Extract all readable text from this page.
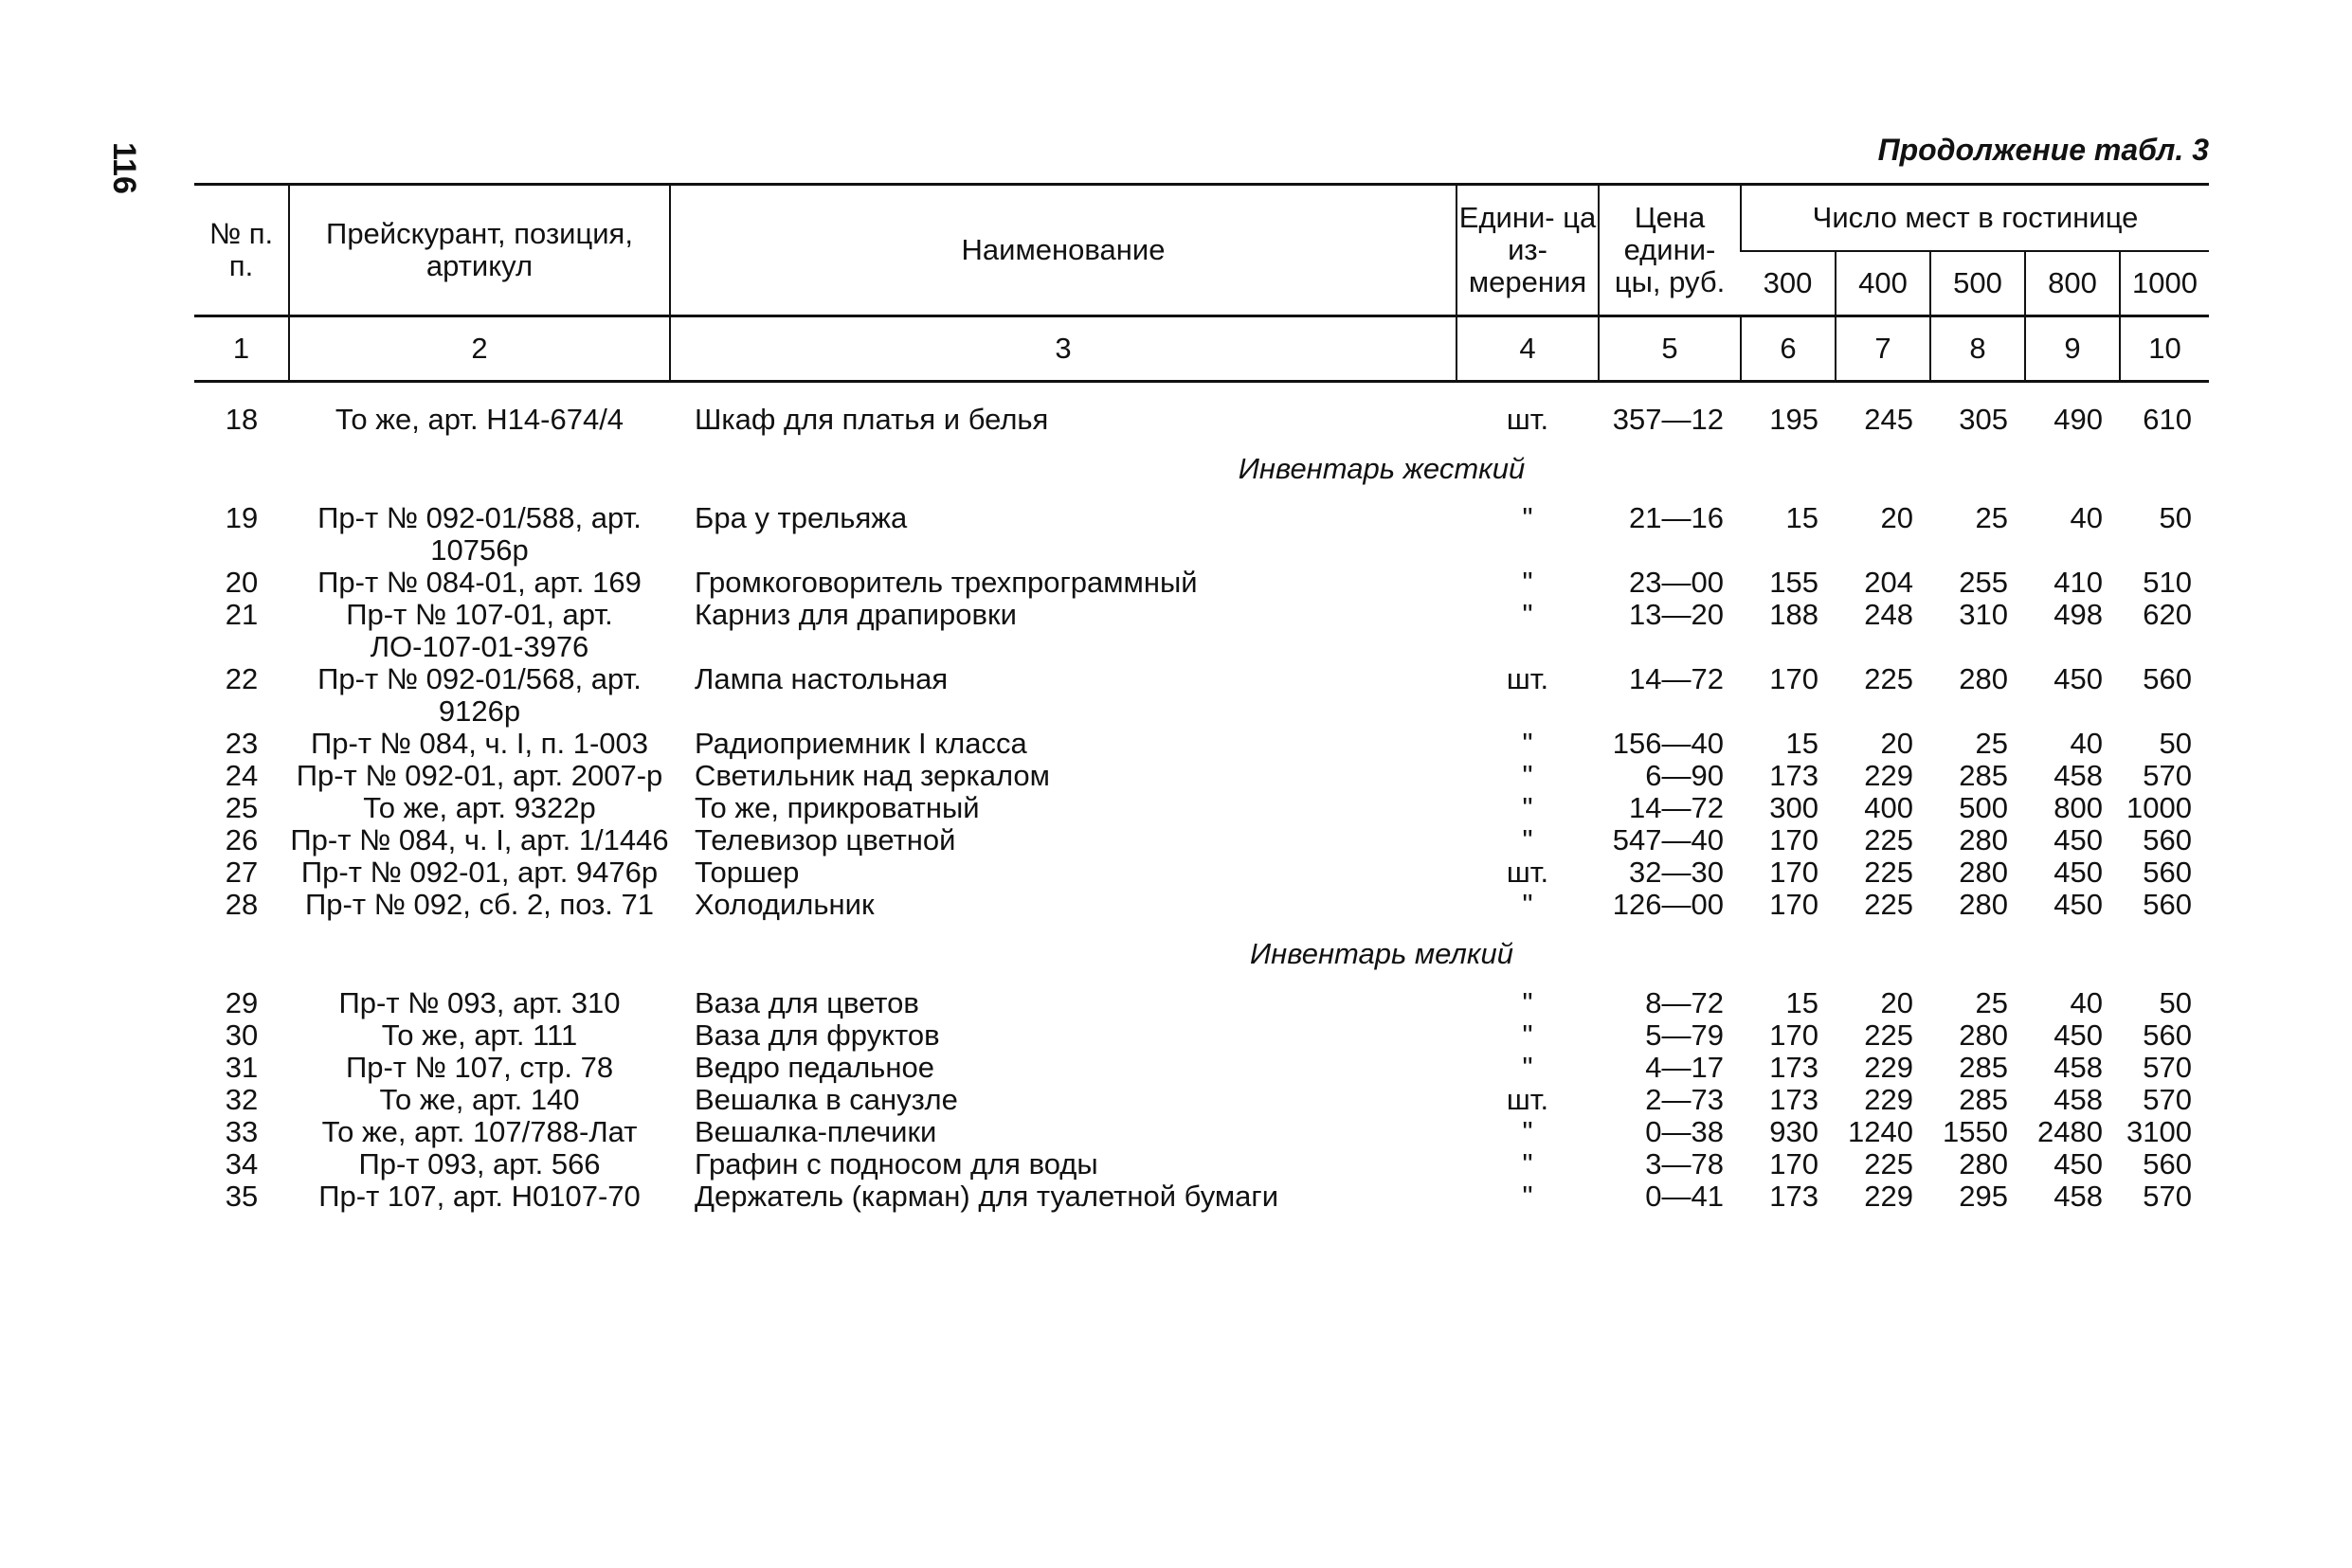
116	Продолжение табл. 3
№ п. п.	Прейскурант, позиция, артикул	Наименование	Едини- ца из- мерения	Цена едини- цы, руб.	Число мест в гостинице				
					300	400	500	800	1000
1	2	3	4	5	6	7	8	9	10

18	То же, арт. Н14-674/4	Шкаф для платья и белья	шт.	357—12	195	245	305	490	610
Инвентарь жесткий									
19	Пр-т № 092-01/588, арт. 10756р	Бра у трельяжа	"	21—16	15	20	25	40	50
20	Пр-т № 084-01, арт. 169	Громкоговоритель трехпрограммный	"	23—00	155	204	255	410	510
21	Пр-т № 107-01, арт. ЛО-107-01-3976	Карниз для драпировки	"	13—20	188	248	310	498	620
22	Пр-т № 092-01/568, арт. 9126р	Лампа настольная	шт.	14—72	170	225	280	450	560
23	Пр-т № 084, ч. I, п. 1-003	Радиоприемник I класса	"	156—40	15	20	25	40	50
24	Пр-т № 092-01, арт. 2007-р	Светильник над зеркалом	"	6—90	173	229	285	458	570
25	То же, арт. 9322р	То же, прикроватный	"	14—72	300	400	500	800	1000
26	Пр-т № 084, ч. I, арт. 1/1446	Телевизор цветной	"	547—40	170	225	280	450	560
27	Пр-т № 092-01, арт. 9476р	Торшер	шт.	32—30	170	225	280	450	560
28	Пр-т № 092, сб. 2, поз. 71	Холодильник	"	126—00	170	225	280	450	560
Инвентарь мелкий									
29	Пр-т № 093, арт. 310	Ваза для цветов	"	8—72	15	20	25	40	50
30	То же, арт. 111	Ваза для фруктов	"	5—79	170	225	280	450	560
31	Пр-т № 107, стр. 78	Ведро педальное	"	4—17	173	229	285	458	570
32	То же, арт. 140	Вешалка в санузле	шт.	2—73	173	229	285	458	570
33	То же, арт. 107/788-Лат	Вешалка-плечики	"	0—38	930	1240	1550	2480	3100
34	Пр-т 093, арт. 566	Графин с подносом для воды	"	3—78	170	225	280	450	560
35	Пр-т 107, арт. Н0107-70	Держатель (карман) для туалетной бумаги	"	0—41	173	229	295	458	570
